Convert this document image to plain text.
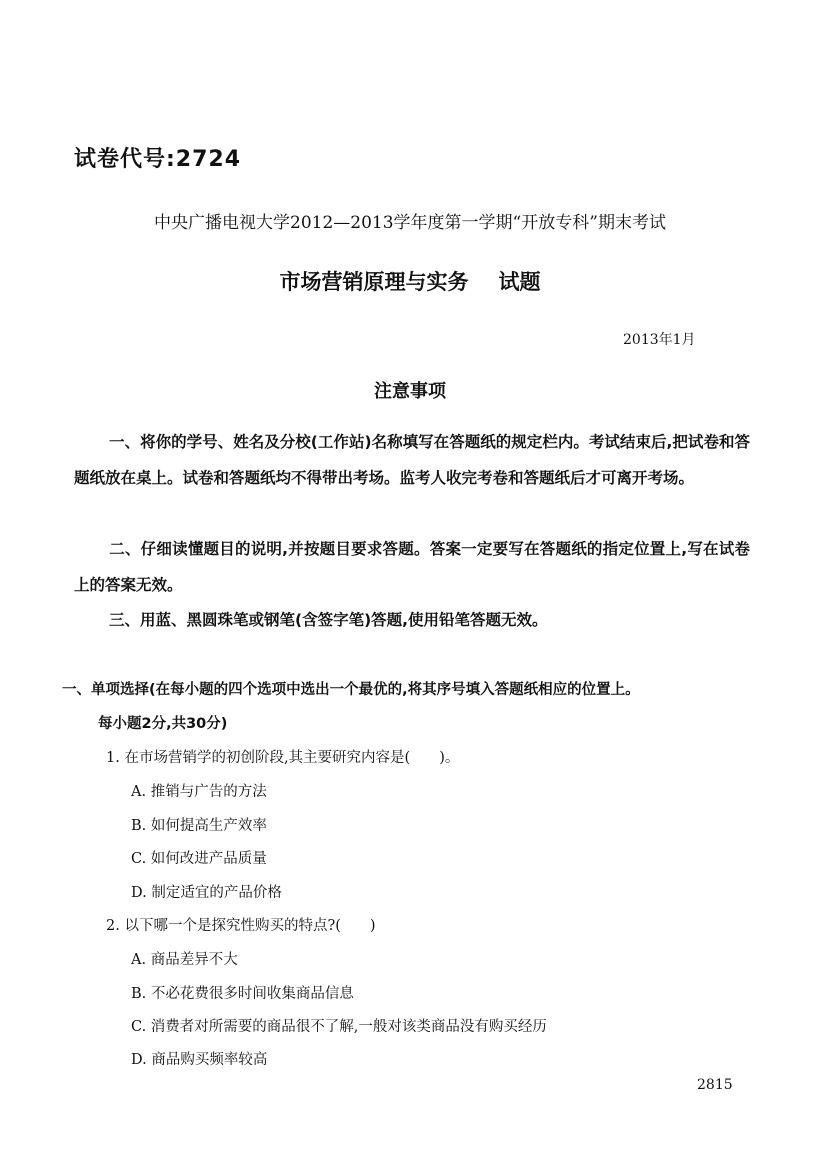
试卷代号:2724
中央广播电视大学2012—2013学年度第一学期“开放专科”期末考试
市场营销原理与实务 试题
2013年1月
注意事项
一、将你的学号、姓名及分校(工作站)名称填写在答题纸的规定栏内。考试结束后,把试卷和答题纸放在桌上。试卷和答题纸均不得带出考场。监考人收完考卷和答题纸后才可离开考场。
二、仔细读懂题目的说明,并按题目要求答题。答案一定要写在答题纸的指定位置上,写在试卷上的答案无效。
三、用蓝、黑圆珠笔或钢笔(含签字笔)答题,使用铅笔答题无效。
一、单项选择(在每小题的四个选项中选出一个最优的,将其序号填入答题纸相应的位置上。
每小题2分,共30分)
1. 在市场营销学的初创阶段,其主要研究内容是(　　)。
A. 推销与广告的方法
B. 如何提高生产效率
C. 如何改进产品质量
D. 制定适宜的产品价格
2. 以下哪一个是探究性购买的特点?(　　)
A. 商品差异不大
B. 不必花费很多时间收集商品信息
C. 消费者对所需要的商品很不了解,一般对该类商品没有购买经历
D. 商品购买频率较高
2815
